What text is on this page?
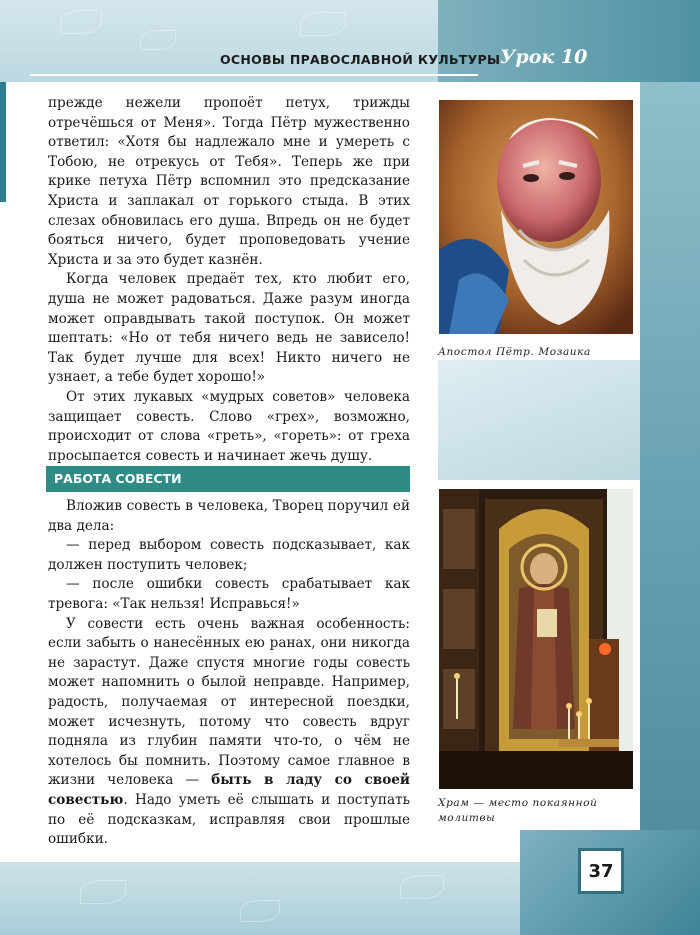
ОСНОВЫ ПРАВОСЛАВНОЙ КУЛЬТУРЫ Урок 10

прежде нежели пропоёт петух, трижды отречёшься от Меня». Тогда Пётр мужественно ответил: «Хотя бы надлежало мне и умереть с Тобою, не отрекусь от Тебя». Теперь же при крике петуха Пётр вспомнил это предсказание Христа и заплакал от горького стыда. В этих слезах обновилась его душа. Впредь он не будет бояться ничего, будет проповедовать учение Христа и за это будет казнён.

Когда человек предаёт тех, кто любит его, душа не может радоваться. Даже разум иногда может оправдывать такой поступок. Он может шептать: «Но от тебя ничего ведь не зависело! Так будет лучше для всех! Никто ничего не узнает, а тебе будет хорошо!»

От этих лукавых «мудрых советов» человека защищает совесть. Слово «грех», возможно, происходит от слова «греть», «гореть»: от греха просыпается совесть и начинает жечь душу.

РАБОТА СОВЕСТИ

Вложив совесть в человека, Творец поручил ей два дела:

— перед выбором совесть подсказывает, как должен поступить человек;

— после ошибки совесть срабатывает как тревога: «Так нельзя! Исправься!»

У совести есть очень важная особенность: если забыть о нанесённых ею ранах, они никогда не зарастут. Даже спустя многие годы совесть может напомнить о былой неправде. Например, радость, получаемая от интересной поездки, может исчезнуть, потому что совесть вдруг подняла из глубин памяти что-то, о чём не хотелось бы помнить. Поэтому самое главное в жизни человека — быть в ладу со своей совестью. Надо уметь её слышать и поступать по её подсказкам, исправляя свои прошлые ошибки.

Апостол Пётр. Мозаика
Храм — место покаянной молитвы
37
